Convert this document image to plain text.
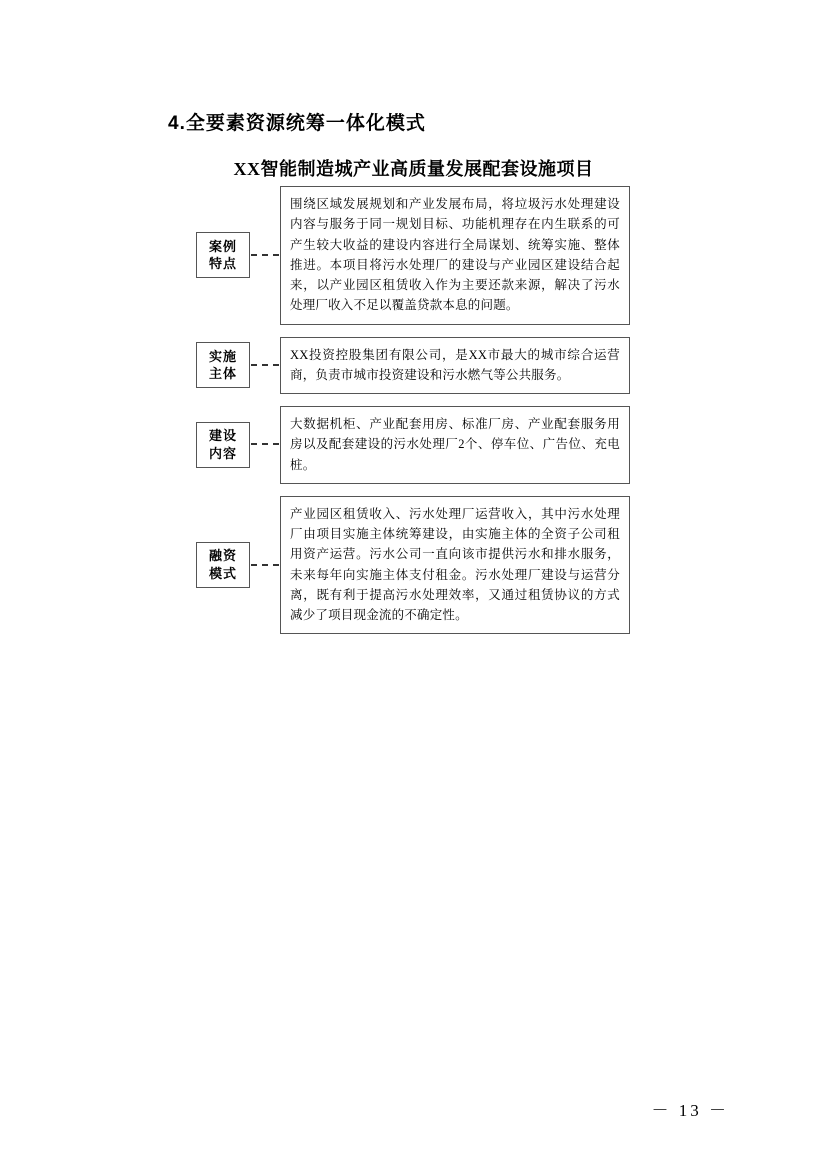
4.全要素资源统筹一体化模式
XX智能制造城产业高质量发展配套设施项目
案例
特点
围绕区域发展规划和产业发展布局，将垃圾污水处理建设内容与服务于同一规划目标、功能机理存在内生联系的可产生较大收益的建设内容进行全局谋划、统筹实施、整体推进。本项目将污水处理厂的建设与产业园区建设结合起来，以产业园区租赁收入作为主要还款来源，解决了污水处理厂收入不足以覆盖贷款本息的问题。
实施
主体
XX投资控股集团有限公司，是XX市最大的城市综合运营商，负责市城市投资建设和污水燃气等公共服务。
建设
内容
大数据机柜、产业配套用房、标准厂房、产业配套服务用房以及配套建设的污水处理厂2个、停车位、广告位、充电桩。
融资
模式
产业园区租赁收入、污水处理厂运营收入，其中污水处理厂由项目实施主体统筹建设，由实施主体的全资子公司租用资产运营。污水公司一直向该市提供污水和排水服务，未来每年向实施主体支付租金。污水处理厂建设与运营分离，既有利于提高污水处理效率，又通过租赁协议的方式减少了项目现金流的不确定性。
－ 13 －
